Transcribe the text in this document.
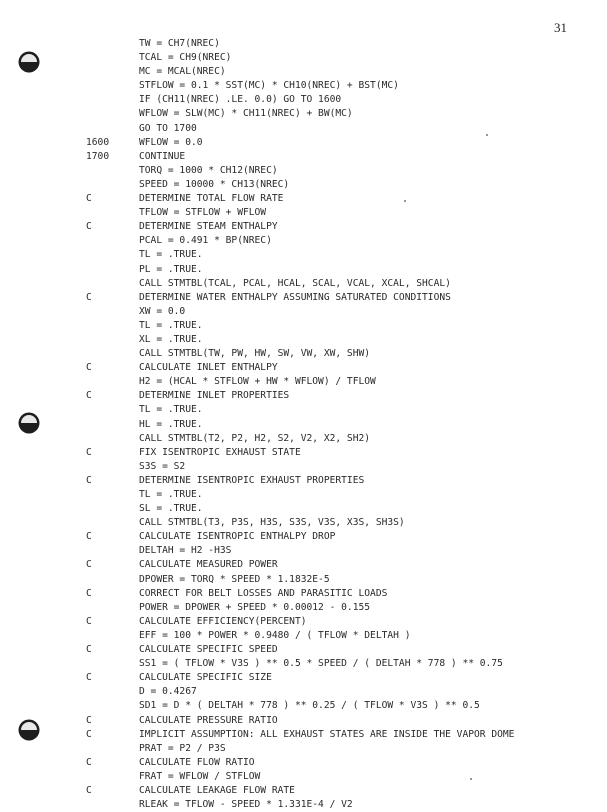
31
TW = CH7(NREC)
TCAL = CH9(NREC)
MC = MCAL(NREC)
STFLOW = 0.1 * SST(MC) * CH10(NREC) + BST(MC)
IF (CH11(NREC) .LE. 0.0) GO TO 1600
WFLOW = SLW(MC) * CH11(NREC) + BW(MC)
GO TO 1700
1600	WFLOW = 0.0
1700	CONTINUE
TORQ = 1000 * CH12(NREC)
SPEED = 10000 * CH13(NREC)
C	DETERMINE TOTAL FLOW RATE
TFLOW = STFLOW + WFLOW
C	DETERMINE STEAM ENTHALPY
PCAL = 0.491 * BP(NREC)
TL = .TRUE.
PL = .TRUE.
CALL STMTBL(TCAL, PCAL, HCAL, SCAL, VCAL, XCAL, SHCAL)
C	DETERMINE WATER ENTHALPY ASSUMING SATURATED CONDITIONS
XW = 0.0
TL = .TRUE.
XL = .TRUE.
CALL STMTBL(TW, PW, HW, SW, VW, XW, SHW)
C	CALCULATE INLET ENTHALPY
H2 = (HCAL * STFLOW + HW * WFLOW) / TFLOW
C	DETERMINE INLET PROPERTIES
TL = .TRUE.
HL = .TRUE.
CALL STMTBL(T2, P2, H2, S2, V2, X2, SH2)
C	FIX ISENTROPIC EXHAUST STATE
S3S = S2
C	DETERMINE ISENTROPIC EXHAUST PROPERTIES
TL = .TRUE.
SL = .TRUE.
CALL STMTBL(T3, P3S, H3S, S3S, V3S, X3S, SH3S)
C	CALCULATE ISENTROPIC ENTHALPY DROP
DELTAH = H2 -H3S
C	CALCULATE MEASURED POWER
DPOWER = TORQ * SPEED * 1.1832E-5
C	CORRECT FOR BELT LOSSES AND PARASITIC LOADS
POWER = DPOWER + SPEED * 0.00012 - 0.155
C	CALCULATE EFFICIENCY(PERCENT)
EFF = 100 * POWER * 0.9480 / ( TFLOW * DELTAH )
C	CALCULATE SPECIFIC SPEED
SS1 = ( TFLOW * V3S ) ** 0.5 * SPEED / ( DELTAH * 778 ) ** 0.75
C	CALCULATE SPECIFIC SIZE
D = 0.4267
SD1 = D * ( DELTAH * 778 ) ** 0.25 / ( TFLOW * V3S ) ** 0.5
C	CALCULATE PRESSURE RATIO
C	IMPLICIT ASSUMPTION: ALL EXHAUST STATES ARE INSIDE THE VAPOR DOME
PRAT = P2 / P3S
C	CALCULATE FLOW RATIO
FRAT = WFLOW / STFLOW
C	CALCULATE LEAKAGE FLOW RATE
RLEAK = TFLOW - SPEED * 1.331E-4 / V2
